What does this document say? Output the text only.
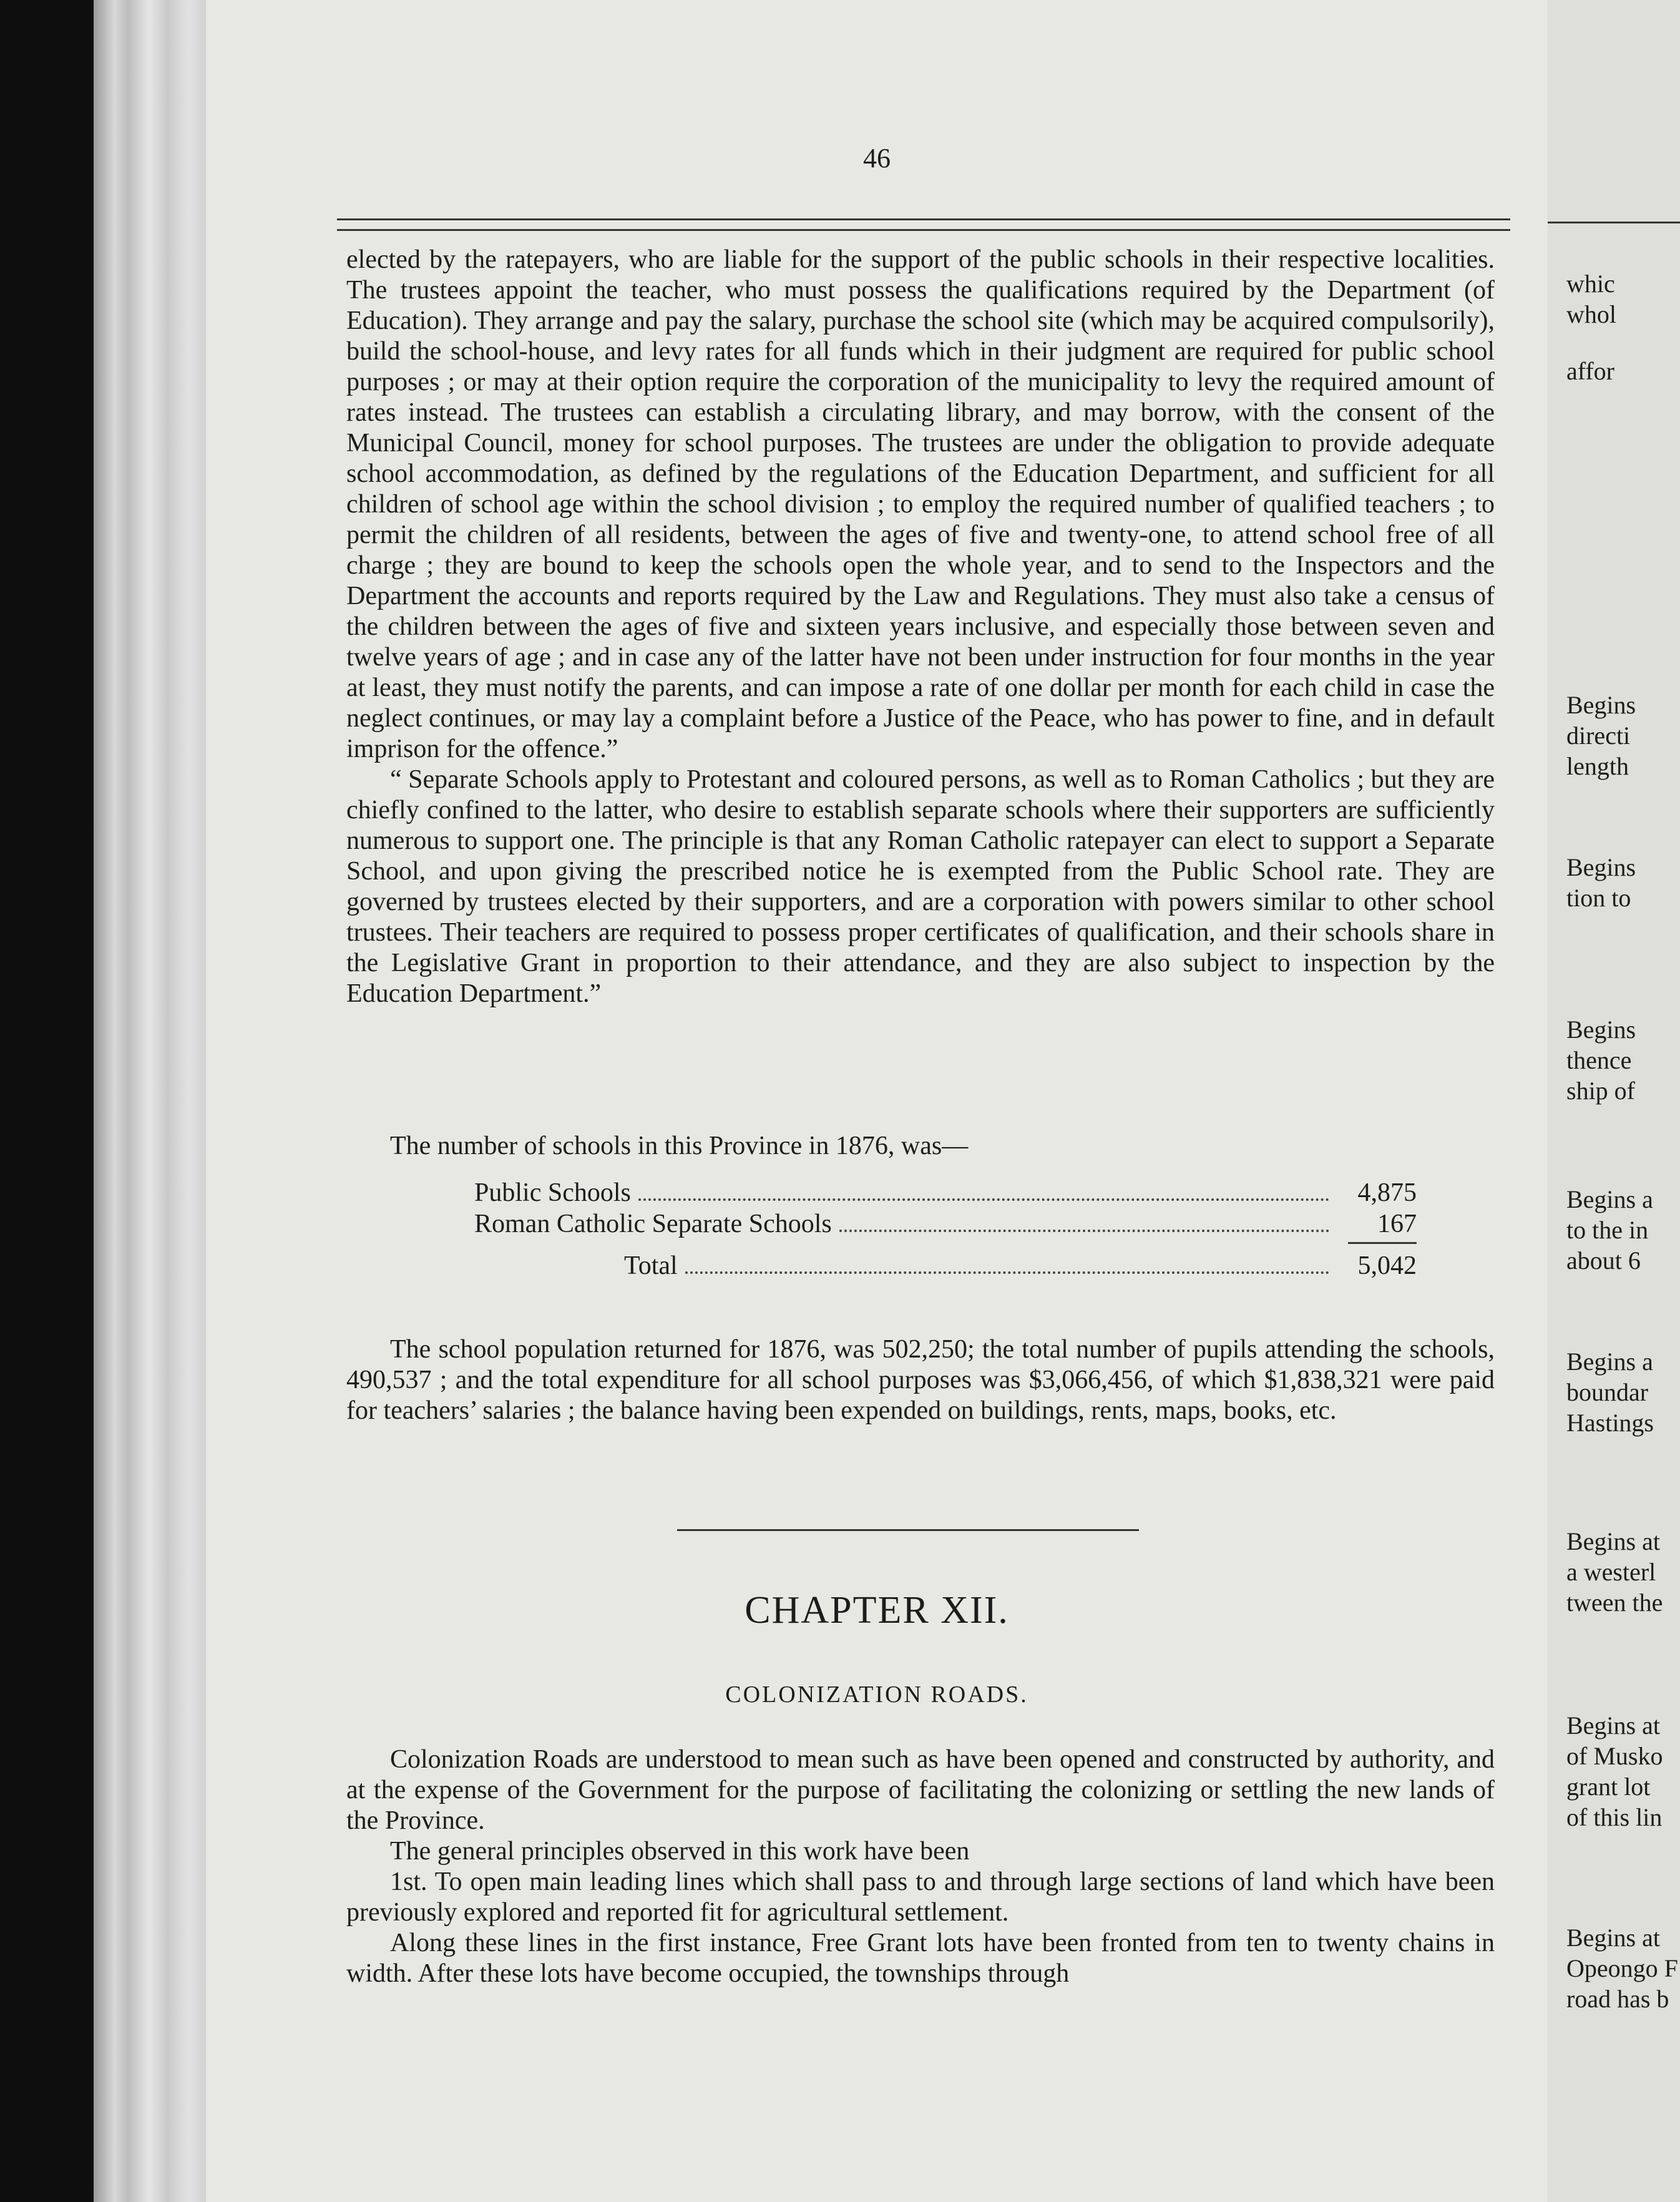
46

elected by the ratepayers, who are liable for the support of the public schools in their respective localities. The trustees appoint the teacher, who must possess the qualifications required by the Department (of Education). They arrange and pay the salary, purchase the school site (which may be acquired compulsorily), build the school-house, and levy rates for all funds which in their judgment are required for public school purposes ; or may at their option require the corporation of the municipality to levy the required amount of rates instead. The trustees can establish a circulating library, and may borrow, with the consent of the Municipal Council, money for school purposes. The trustees are under the obligation to provide adequate school accommodation, as defined by the regulations of the Education Department, and sufficient for all children of school age within the school division ; to employ the required number of qualified teachers ; to permit the children of all residents, between the ages of five and twenty-one, to attend school free of all charge ; they are bound to keep the schools open the whole year, and to send to the Inspectors and the Department the accounts and reports required by the Law and Regulations. They must also take a census of the children between the ages of five and sixteen years inclusive, and especially those between seven and twelve years of age ; and in case any of the latter have not been under instruction for four months in the year at least, they must notify the parents, and can impose a rate of one dollar per month for each child in case the neglect continues, or may lay a complaint before a Justice of the Peace, who has power to fine, and in default imprison for the offence.”

“ Separate Schools apply to Protestant and coloured persons, as well as to Roman Catholics ; but they are chiefly confined to the latter, who desire to establish separate schools where their supporters are sufficiently numerous to support one. The principle is that any Roman Catholic ratepayer can elect to support a Separate School, and upon giving the prescribed notice he is exempted from the Public School rate. They are governed by trustees elected by their supporters, and are a corporation with powers similar to other school trustees. Their teachers are required to possess proper certificates of qualification, and their schools share in the Legislative Grant in proportion to their attendance, and they are also subject to inspection by the Education Department.”

The number of schools in this Province in 1876, was—
Public Schools	4,875
Roman Catholic Separate Schools	167
Total	5,042

The school population returned for 1876, was 502,250; the total number of pupils attending the schools, 490,537 ; and the total expenditure for all school purposes was $3,066,456, of which $1,838,321 were paid for teachers’ salaries ; the balance having been expended on buildings, rents, maps, books, etc.

CHAPTER XII.
COLONIZATION ROADS.

Colonization Roads are understood to mean such as have been opened and constructed by authority, and at the expense of the Government for the purpose of facilitating the colonizing or settling the new lands of the Province.

The general principles observed in this work have been

1st. To open main leading lines which shall pass to and through large sections of land which have been previously explored and reported fit for agricultural settlement.

Along these lines in the first instance, Free Grant lots have been fronted from ten to twenty chains in width. After these lots have become occupied, the townships through

whic
whol
affor
Begins
directi
length
Begins
tion to
Begins
thence
ship of
Begins a
to the in
about 6
Begins a
boundar
Hastings
Begins at
a westerl
tween the
Begins at
of Musko
grant lot
of this lin
Begins at
Opeongo F
road has b
